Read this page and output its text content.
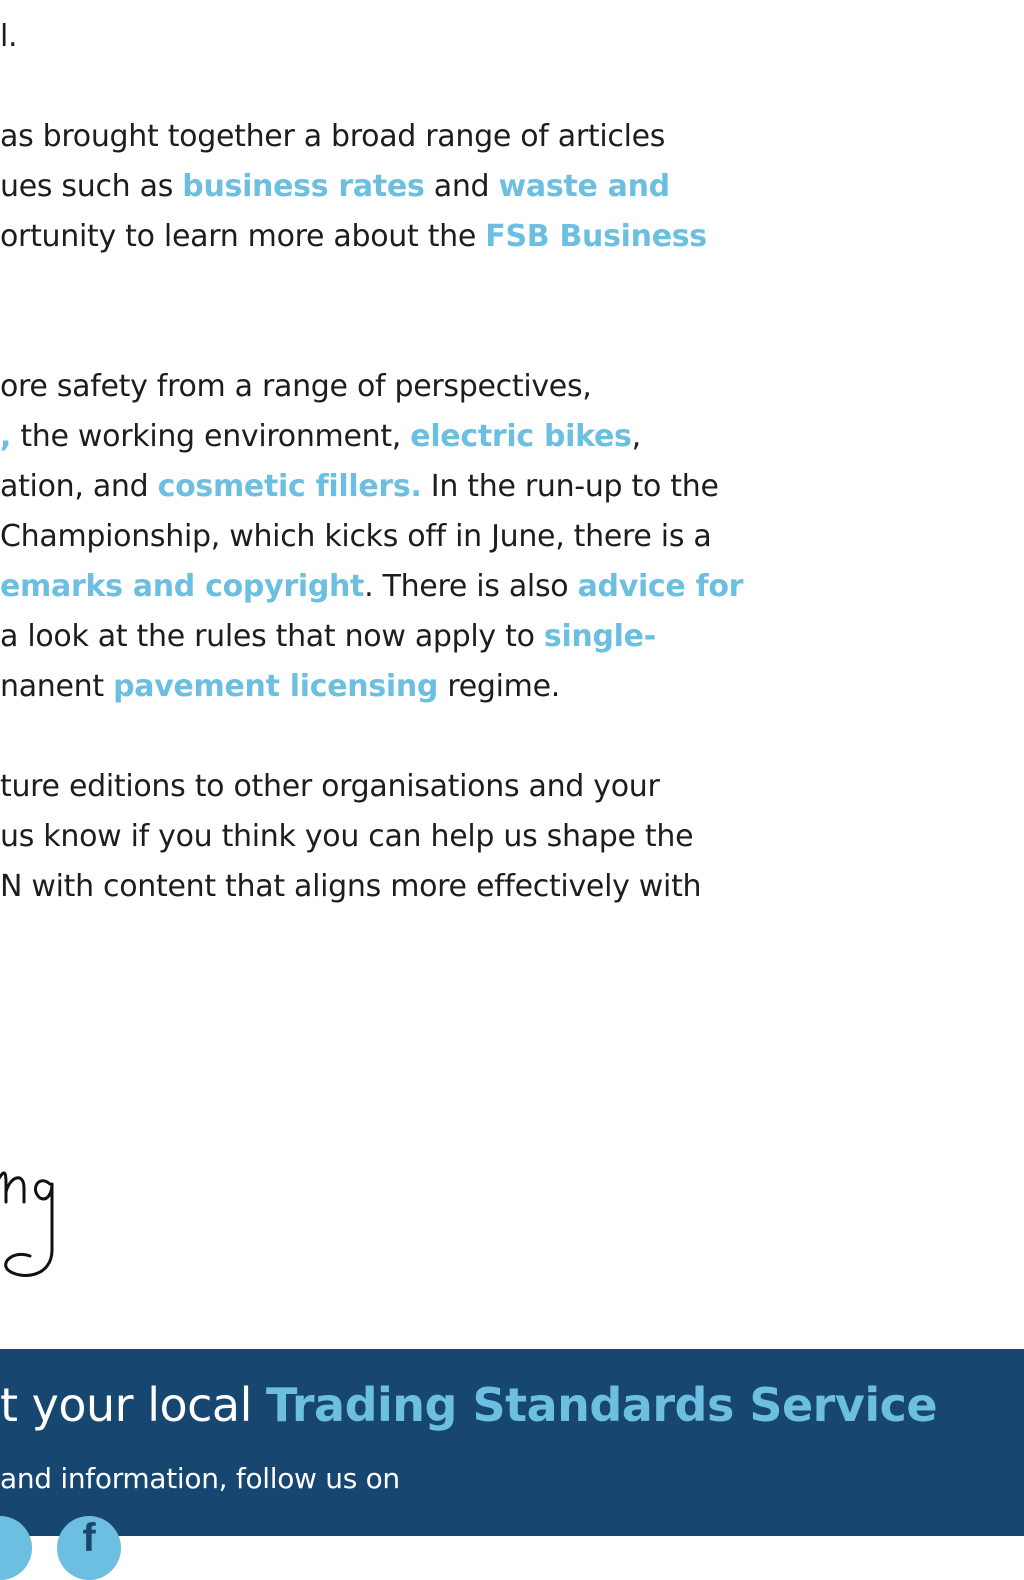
l.
as brought together a broad range of articles
ues such as business rates and waste and
ortunity to learn more about the FSB Business
ore safety from a range of perspectives,
, the working environment, electric bikes,
ation, and cosmetic fillers. In the run-up to the
Championship, which kicks off in June, there is a
emarks and copyright. There is also advice for
a look at the rules that now apply to single-
nanent pavement licensing regime.
ture editions to other organisations and your
us know if you think you can help us shape the
N with content that aligns more effectively with
t your local Trading Standards Service
and information, follow us on
f
